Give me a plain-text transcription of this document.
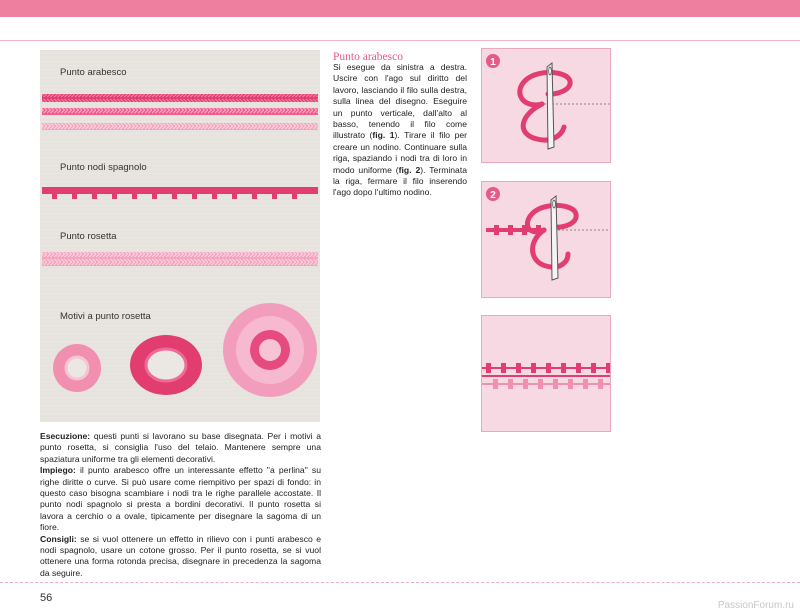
Punto arabesco
Punto nodi spagnolo
Punto rosetta
Motivi a punto rosetta

Esecuzione: questi punti si lavorano su base disegnata. Per i motivi a punto rosetta, si consiglia l'uso del telaio. Mantenere sempre una spaziatura uniforme tra gli elementi decorativi.

Impiego: il punto arabesco offre un interessante effetto "a perlina" su righe diritte o curve. Si può usare come riempitivo per spazi di fondo: in questo caso bisogna scambiare i nodi tra le righe parallele accostate. Il punto nodi spagnolo si presta a bordini decorativi. Il punto rosetta si lavora a cerchio o a ovale, tipicamente per disegnare la sagoma di un fiore.

Consigli: se si vuol ottenere un effetto in rilievo con i punti arabesco e nodi spagnolo, usare un cotone grosso. Per il punto rosetta, se si vuol ottenere una forma rotonda precisa, disegnare in precedenza la sagoma da seguire.

Punto arabesco
Si esegue da sinistra a destra. Uscire con l'ago sul diritto del lavoro, lasciando il filo sulla destra, sulla linea del disegno. Eseguire un punto verticale, dall'alto al basso, tenendo il filo come illustrato (fig. 1). Tirare il filo per creare un nodino. Continuare sulla riga, spaziando i nodi tra di loro in modo uniforme (fig. 2). Terminata la riga, fermare il filo inserendo l'ago dopo l'ultimo nodino.
1
2
56
PassionForum.ru
